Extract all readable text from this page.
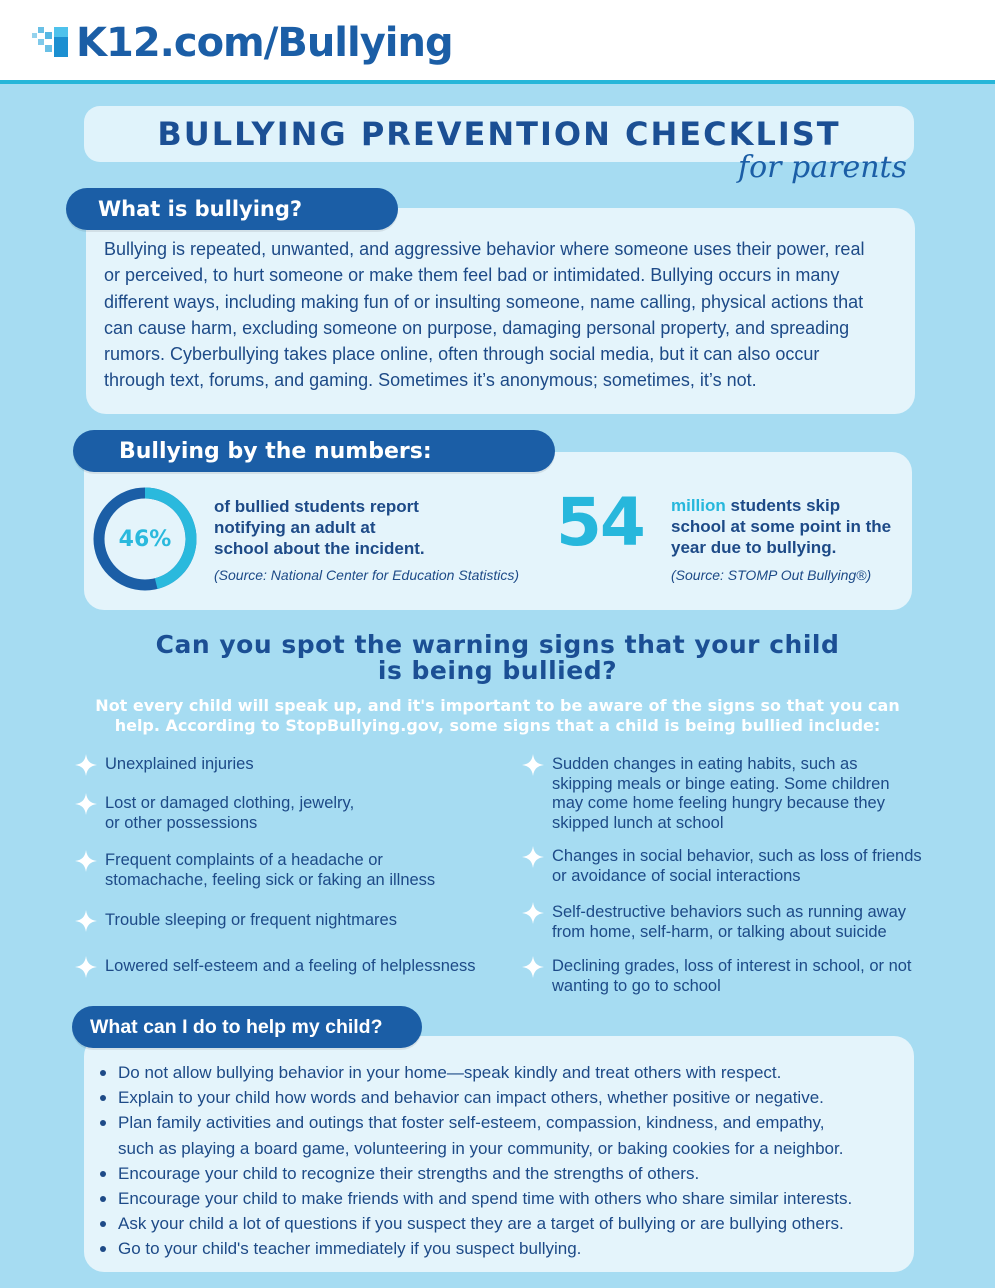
K12.com/Bullying
BULLYING PREVENTION CHECKLIST
for parents
What is bullying?
Bullying is repeated, unwanted, and aggressive behavior where someone uses their power, real
or perceived, to hurt someone or make them feel bad or intimidated. Bullying occurs in many
different ways, including making fun of or insulting someone, name calling, physical actions that
can cause harm, excluding someone on purpose, damaging personal property, and spreading
rumors. Cyberbullying takes place online, often through social media, but it can also occur
through text, forums, and gaming. Sometimes it’s anonymous; sometimes, it’s not.
Bullying by the numbers:
46%
of bullied students report
notifying an adult at
school about the incident.
(Source: National Center for Education Statistics)
54 million students skip
school at some point in the
year due to bullying.
(Source: STOMP Out Bullying®)
Can you spot the warning signs that your child
is being bullied?
Not every child will speak up, and it's important to be aware of the signs so that you can
help. According to StopBullying.gov, some signs that a child is being bullied include:
Unexplained injuries
Lost or damaged clothing, jewelry,
or other possessions
Frequent complaints of a headache or
stomachache, feeling sick or faking an illness
Trouble sleeping or frequent nightmares
Lowered self-esteem and a feeling of helplessness
Sudden changes in eating habits, such as
skipping meals or binge eating. Some children
may come home feeling hungry because they
skipped lunch at school
Changes in social behavior, such as loss of friends
or avoidance of social interactions
Self-destructive behaviors such as running away
from home, self-harm, or talking about suicide
Declining grades, loss of interest in school, or not
wanting to go to school
What can I do to help my child?
Do not allow bullying behavior in your home—speak kindly and treat others with respect.
Explain to your child how words and behavior can impact others, whether positive or negative.
Plan family activities and outings that foster self-esteem, compassion, kindness, and empathy,
such as playing a board game, volunteering in your community, or baking cookies for a neighbor.
Encourage your child to recognize their strengths and the strengths of others.
Encourage your child to make friends with and spend time with others who share similar interests.
Ask your child a lot of questions if you suspect they are a target of bullying or are bullying others.
Go to your child's teacher immediately if you suspect bullying.
